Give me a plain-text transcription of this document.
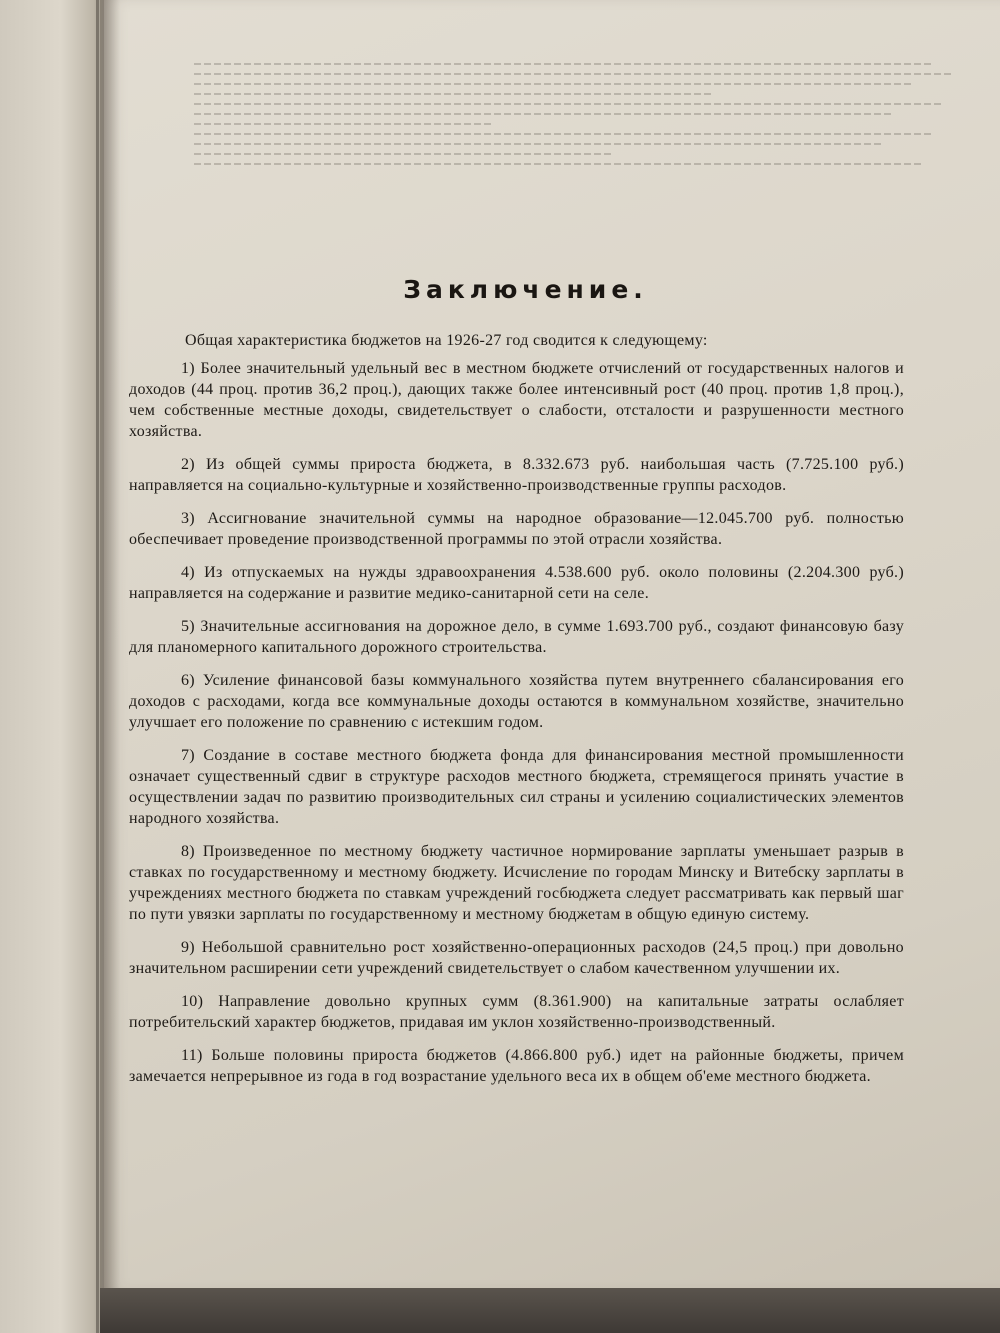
Заключение.

Общая характеристика бюджетов на 1926-27 год сводится к следующему:

1) Более значительный удельный вес в местном бюджете отчислений от государственных налогов и доходов (44 проц. против 36,2 проц.), дающих также более интенсивный рост (40 проц. против 1,8 проц.), чем собственные местные доходы, свидетельствует о слабости, отсталости и разрушенности местного хозяйства.

2) Из общей суммы прироста бюджета, в 8.332.673 руб. наибольшая часть (7.725.100 руб.) направляется на социально-культурные и хозяйственно-производственные группы расходов.

3) Ассигнование значительной суммы на народное образование—12.045.700 руб. полностью обеспечивает проведение производственной программы по этой отрасли хозяйства.

4) Из отпускаемых на нужды здравоохранения 4.538.600 руб. около половины (2.204.300 руб.) направляется на содержание и развитие медико-санитарной сети на селе.

5) Значительные ассигнования на дорожное дело, в сумме 1.693.700 руб., создают финансовую базу для планомерного капитального дорожного строительства.

6) Усиление финансовой базы коммунального хозяйства путем внутреннего сбалансирования его доходов с расходами, когда все коммунальные доходы остаются в коммунальном хозяйстве, значительно улучшает его положение по сравнению с истекшим годом.

7) Создание в составе местного бюджета фонда для финансирования местной промышленности означает существенный сдвиг в структуре расходов местного бюджета, стремящегося принять участие в осуществлении задач по развитию производительных сил страны и усилению социалистических элементов народного хозяйства.

8) Произведенное по местному бюджету частичное нормирование зарплаты уменьшает разрыв в ставках по государственному и местному бюджету. Исчисление по городам Минску и Витебску зарплаты в учреждениях местного бюджета по ставкам учреждений госбюджета следует рассматривать как первый шаг по пути увязки зарплаты по государственному и местному бюджетам в общую единую систему.

9) Небольшой сравнительно рост хозяйственно-операционных расходов (24,5 проц.) при довольно значительном расширении сети учреждений свидетельствует о слабом качественном улучшении их.

10) Направление довольно крупных сумм (8.361.900) на капитальные затраты ослабляет потребительский характер бюджетов, придавая им уклон хозяйственно-производственный.

11) Больше половины прироста бюджетов (4.866.800 руб.) идет на районные бюджеты, причем замечается непрерывное из года в год возрастание удельного веса их в общем об'еме местного бюджета.
